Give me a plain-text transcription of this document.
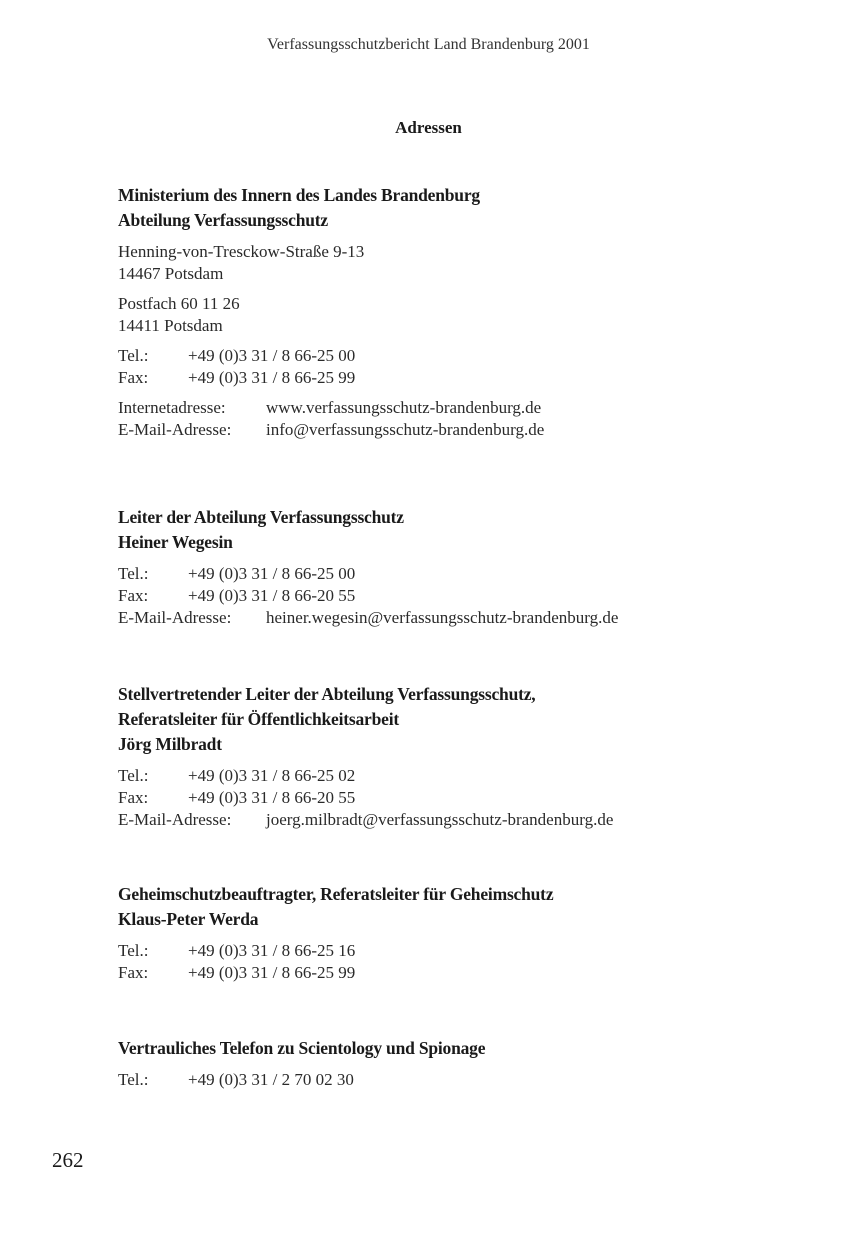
Verfassungsschutzbericht Land Brandenburg 2001
Adressen
Ministerium des Innern des Landes Brandenburg
Abteilung Verfassungsschutz
Henning-von-Tresckow-Straße 9-13
14467 Potsdam
Postfach 60 11 26
14411 Potsdam
Tel.:	+49 (0)3 31 / 8 66-25 00
Fax:	+49 (0)3 31 / 8 66-25 99
Internetadresse:	www.verfassungsschutz-brandenburg.de
E-Mail-Adresse:	info@verfassungsschutz-brandenburg.de
Leiter der Abteilung Verfassungsschutz
Heiner Wegesin
Tel.:	+49 (0)3 31 / 8 66-25 00
Fax:	+49 (0)3 31 / 8 66-20 55
E-Mail-Adresse:	heiner.wegesin@verfassungsschutz-brandenburg.de
Stellvertretender Leiter der Abteilung Verfassungsschutz,
Referatsleiter für Öffentlichkeitsarbeit
Jörg Milbradt
Tel.:	+49 (0)3 31 / 8 66-25 02
Fax:	+49 (0)3 31 / 8 66-20 55
E-Mail-Adresse:	joerg.milbradt@verfassungsschutz-brandenburg.de
Geheimschutzbeauftragter, Referatsleiter für Geheimschutz
Klaus-Peter Werda
Tel.:	+49 (0)3 31 / 8 66-25 16
Fax:	+49 (0)3 31 / 8 66-25 99
Vertrauliches Telefon zu Scientology und Spionage
Tel.:	+49 (0)3 31 / 2 70 02 30
262
